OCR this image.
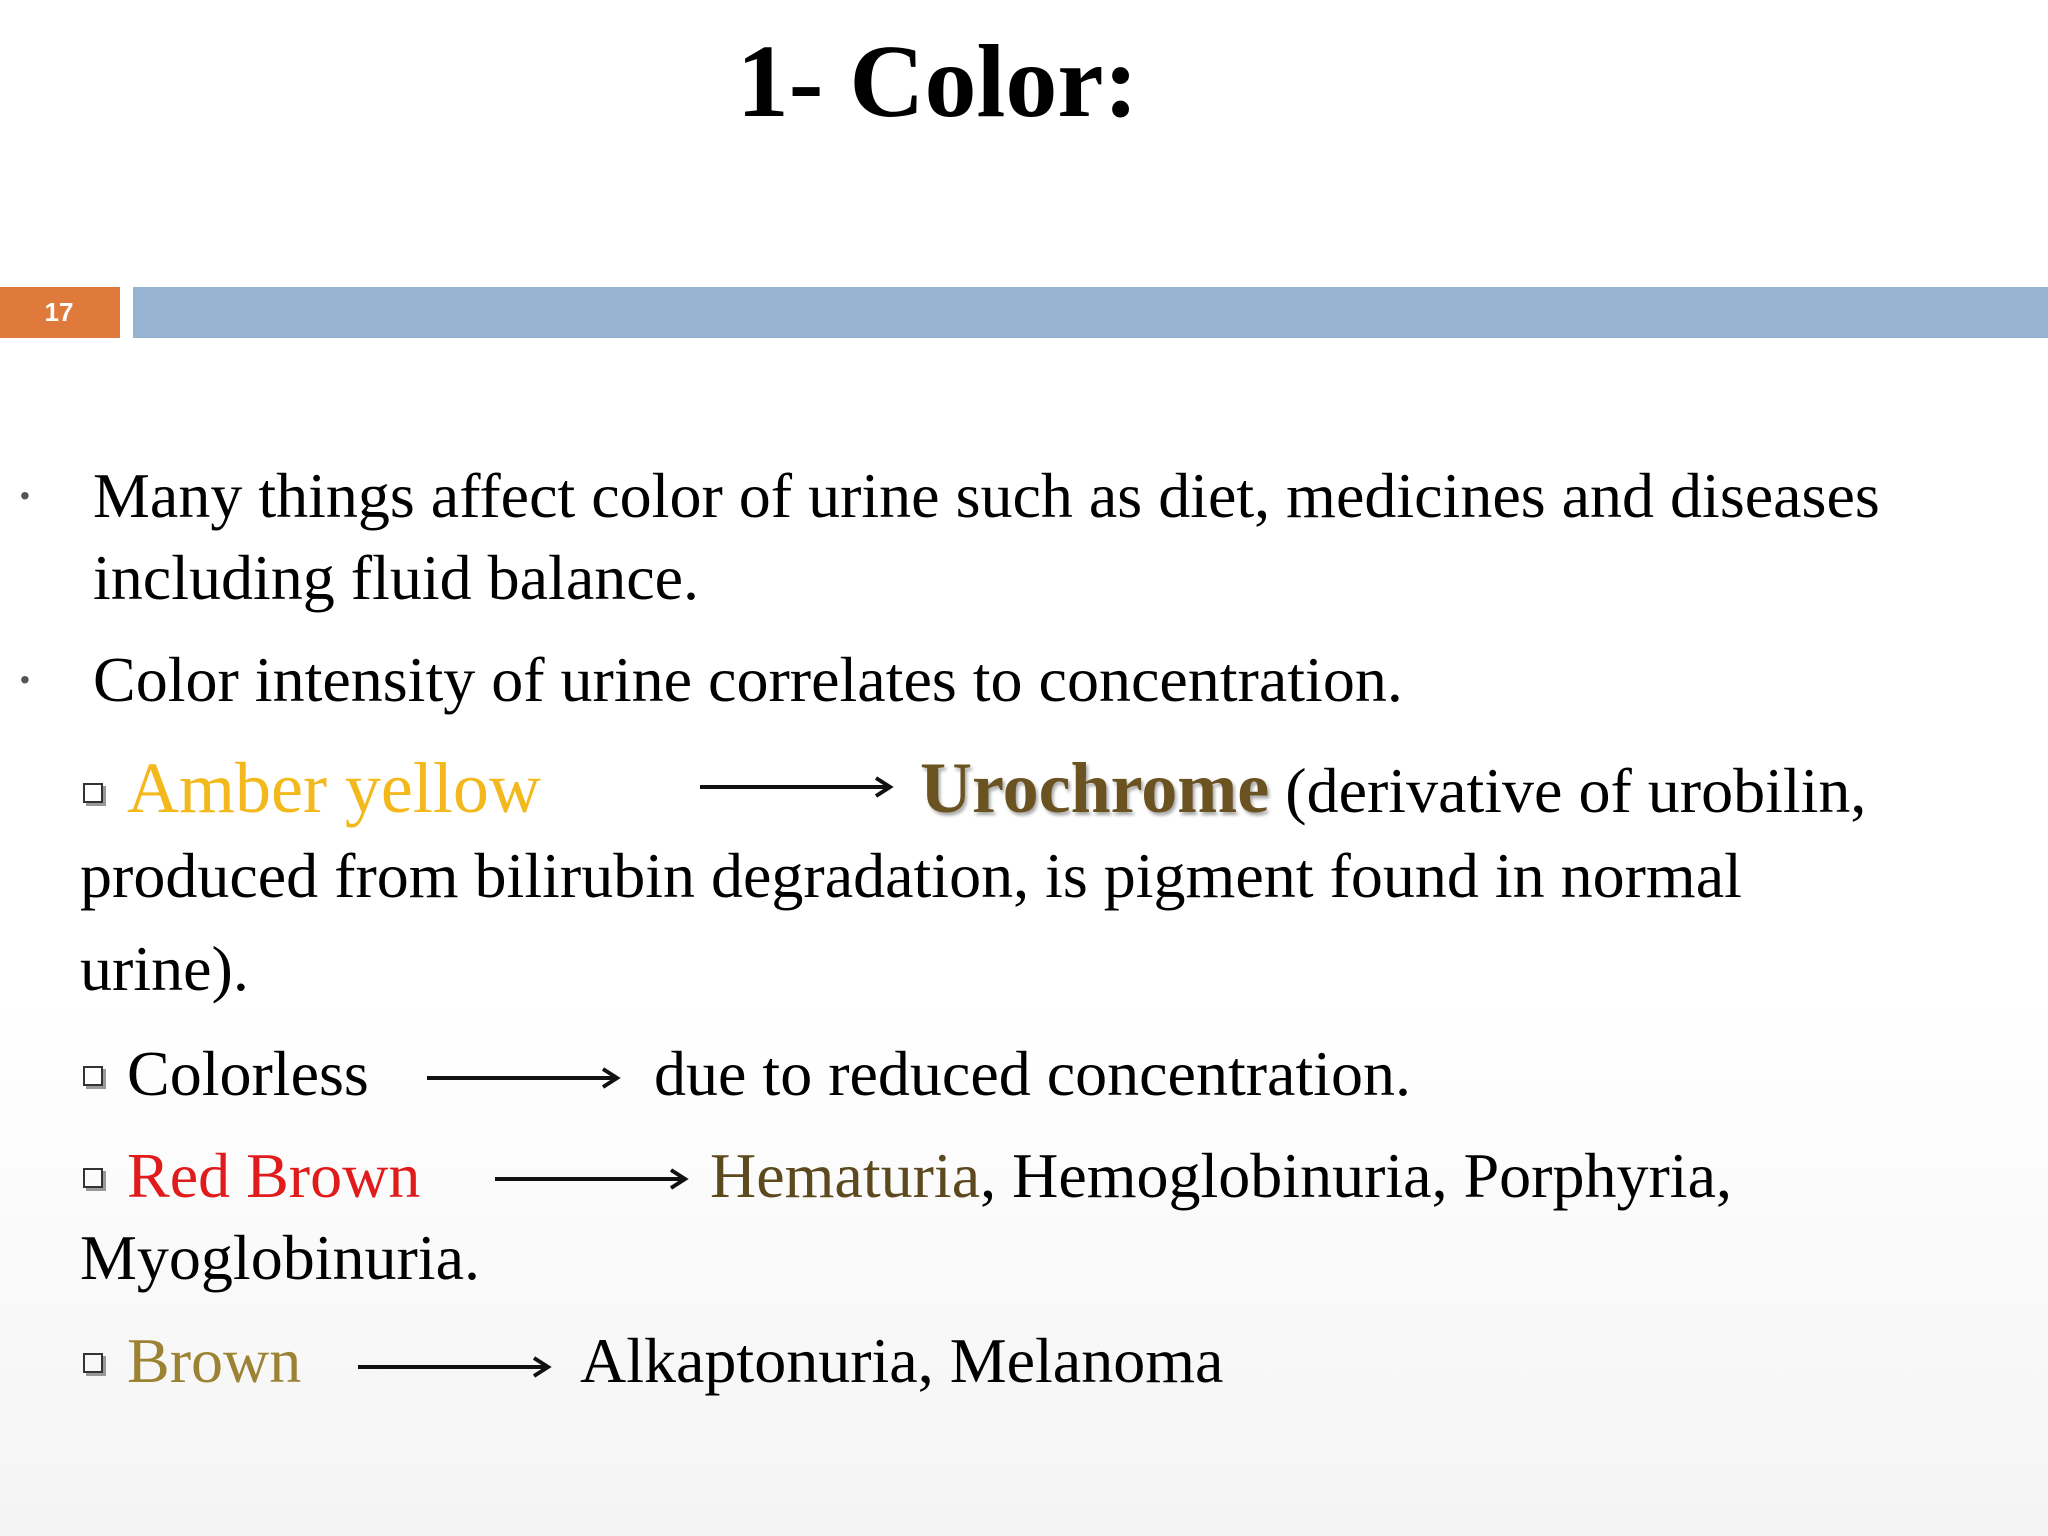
1- Color:
17
• Many things affect color of urine such as diet, medicines and diseases
including fluid balance.
• Color intensity of urine correlates to concentration.
Amber yellow	Urochrome (derivative of urobilin,
produced from bilirubin degradation, is pigment found in normal
urine).
Colorless	due to reduced concentration.
Red Brown	Hematuria, Hemoglobinuria, Porphyria,
Myoglobinuria.
Brown	Alkaptonuria, Melanoma
